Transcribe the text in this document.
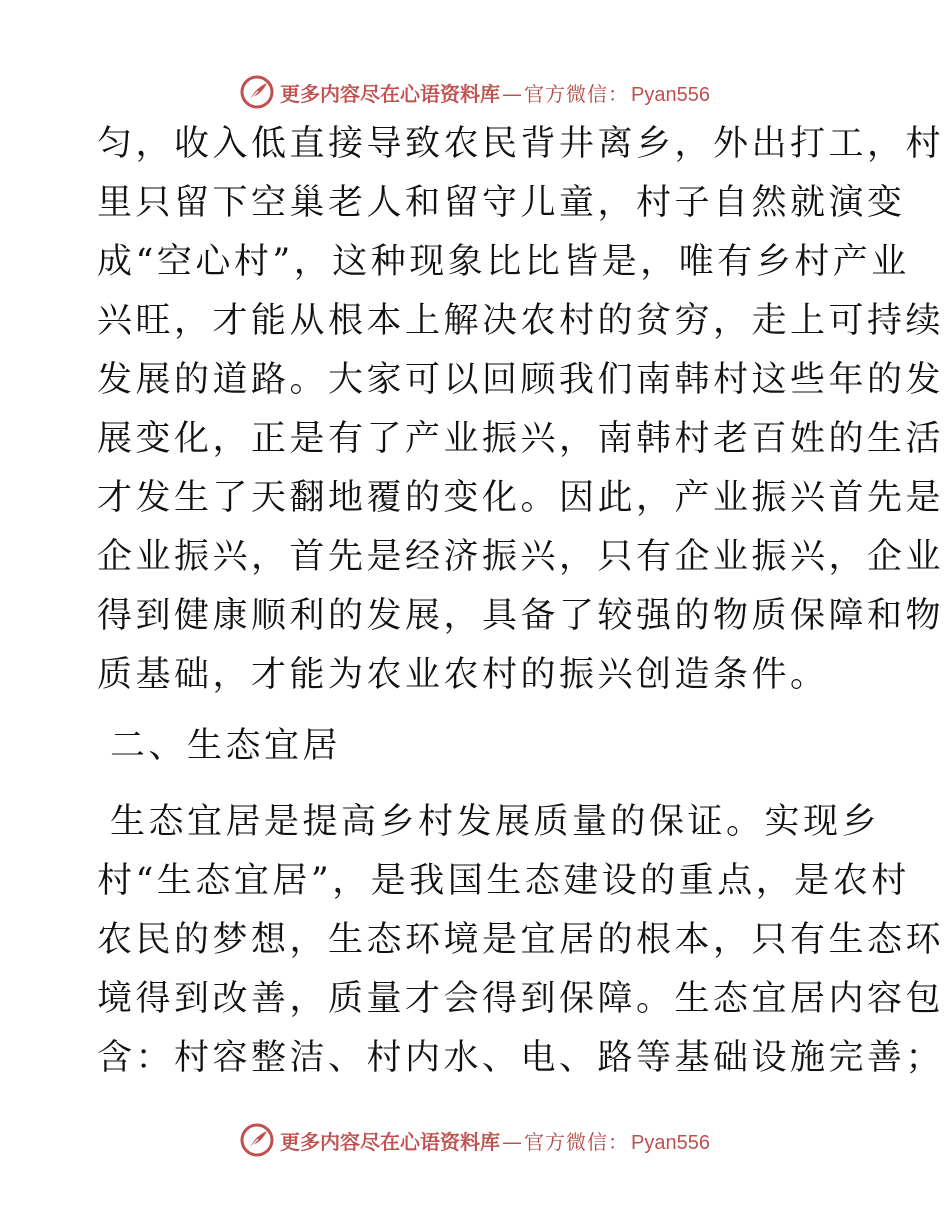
更多内容尽在心语资料库 — 官方微信： Pyan556
匀，收入低直接导致农民背井离乡，外出打工，村
里只留下空巢老人和留守儿童，村子自然就演变
成“空心村”，这种现象比比皆是，唯有乡村产业
兴旺，才能从根本上解决农村的贫穷，走上可持续
发展的道路。大家可以回顾我们南韩村这些年的发
展变化，正是有了产业振兴，南韩村老百姓的生活
才发生了天翻地覆的变化。因此，产业振兴首先是
企业振兴，首先是经济振兴，只有企业振兴，企业
得到健康顺利的发展，具备了较强的物质保障和物
质基础，才能为农业农村的振兴创造条件。
二、生态宜居
生态宜居是提高乡村发展质量的保证。实现乡
村“生态宜居”，是我国生态建设的重点，是农村
农民的梦想，生态环境是宜居的根本，只有生态环
境得到改善，质量才会得到保障。生态宜居内容包
含：村容整洁、村内水、电、路等基础设施完善；
更多内容尽在心语资料库 — 官方微信： Pyan556
